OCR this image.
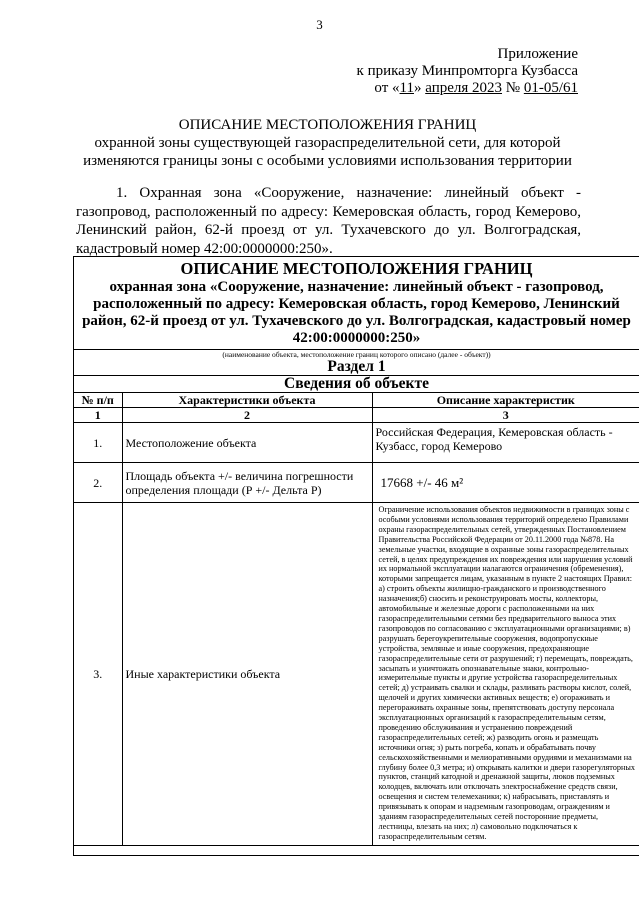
3
Приложение
к приказу Минпромторга Кузбасса
от «11» апреля 2023 № 01-05/61
ОПИСАНИЕ МЕСТОПОЛОЖЕНИЯ ГРАНИЦ
охранной зоны существующей газораспределительной сети, для которой
изменяются границы зоны с особыми условиями использования территории
1. Охранная зона «Сооружение, назначение: линейный объект - газопровод, расположенный по адресу: Кемеровская область, город Кемерово, Ленинский район, 62-й проезд от ул. Тухачевского до ул. Волгоградская, кадастровый номер 42:00:0000000:250».
ОПИСАНИЕ МЕСТОПОЛОЖЕНИЯ ГРАНИЦ
охранная зона «Сооружение, назначение: линейный объект - газопровод, расположенный по адресу: Кемеровская область, город Кемерово, Ленинский район, 62-й проезд от ул. Тухачевского до ул. Волгоградская, кадастровый номер 42:00:0000000:250»
(наименование объекта, местоположение границ которого описано (далее - объект))
Раздел 1		
Сведения об объекте		
№ п/п	Характеристики объекта	Описание характеристик
1	2	3
1.	Местоположение объекта	Российская Федерация, Кемеровская область - Кузбасс, город Кемерово
2.	Площадь объекта +/- величина погрешности определения площади (Р +/- Дельта Р)	17668 +/- 46 м²
3.	Иные характеристики объекта	Ограничение использования объектов недвижимости в границах зоны с особыми условиями использования территорий определено Правилами охраны газораспределительных сетей, утвержденных Постановлением Правительства Российской Федерации от 20.11.2000 года №878. На земельные участки, входящие в охранные зоны газораспределительных сетей, в целях предупреждения их повреждения или нарушения условий их нормальной эксплуатации налагаются ограничения (обременения), которыми запрещается лицам, указанным в пункте 2 настоящих Правил: а) строить объекты жилищно-гражданского и производственного назначения;б) сносить и реконструировать мосты, коллекторы, автомобильные и железные дороги с расположенными на них газораспределительными сетями без предварительного выноса этих газопроводов по согласованию с эксплуатационными организациями; в) разрушать берегоукрепительные сооружения, водопропускные устройства, земляные и иные сооружения, предохраняющие газораспределительные сети от разрушений; г) перемещать, повреждать, засыпать и уничтожать опознавательные знаки, контрольно-измерительные пункты и другие устройства газораспределительных сетей; д) устраивать свалки и склады, разливать растворы кислот, солей, щелочей и других химически активных веществ; е) огораживать и перегораживать охранные зоны, препятствовать доступу персонала эксплуатационных организаций к газораспределительным сетям, проведению обслуживания и устранению повреждений газораспределительных сетей; ж) разводить огонь и размещать источники огня; з) рыть погреба, копать и обрабатывать почву сельскохозяйственными и мелиоративными орудиями и механизмами на глубину более 0,3 метра; и) открывать калитки и двери газорегуляторных пунктов, станций катодной и дренажной защиты, люков подземных колодцев, включать или отключать электроснабжение средств связи, освещения и систем телемеханики; к) набрасывать, приставлять и привязывать к опорам и надземным газопроводам, ограждениям и зданиям газораспределительных сетей посторонние предметы, лестницы, влезать на них; л) самовольно подключаться к газораспределительным сетям.
